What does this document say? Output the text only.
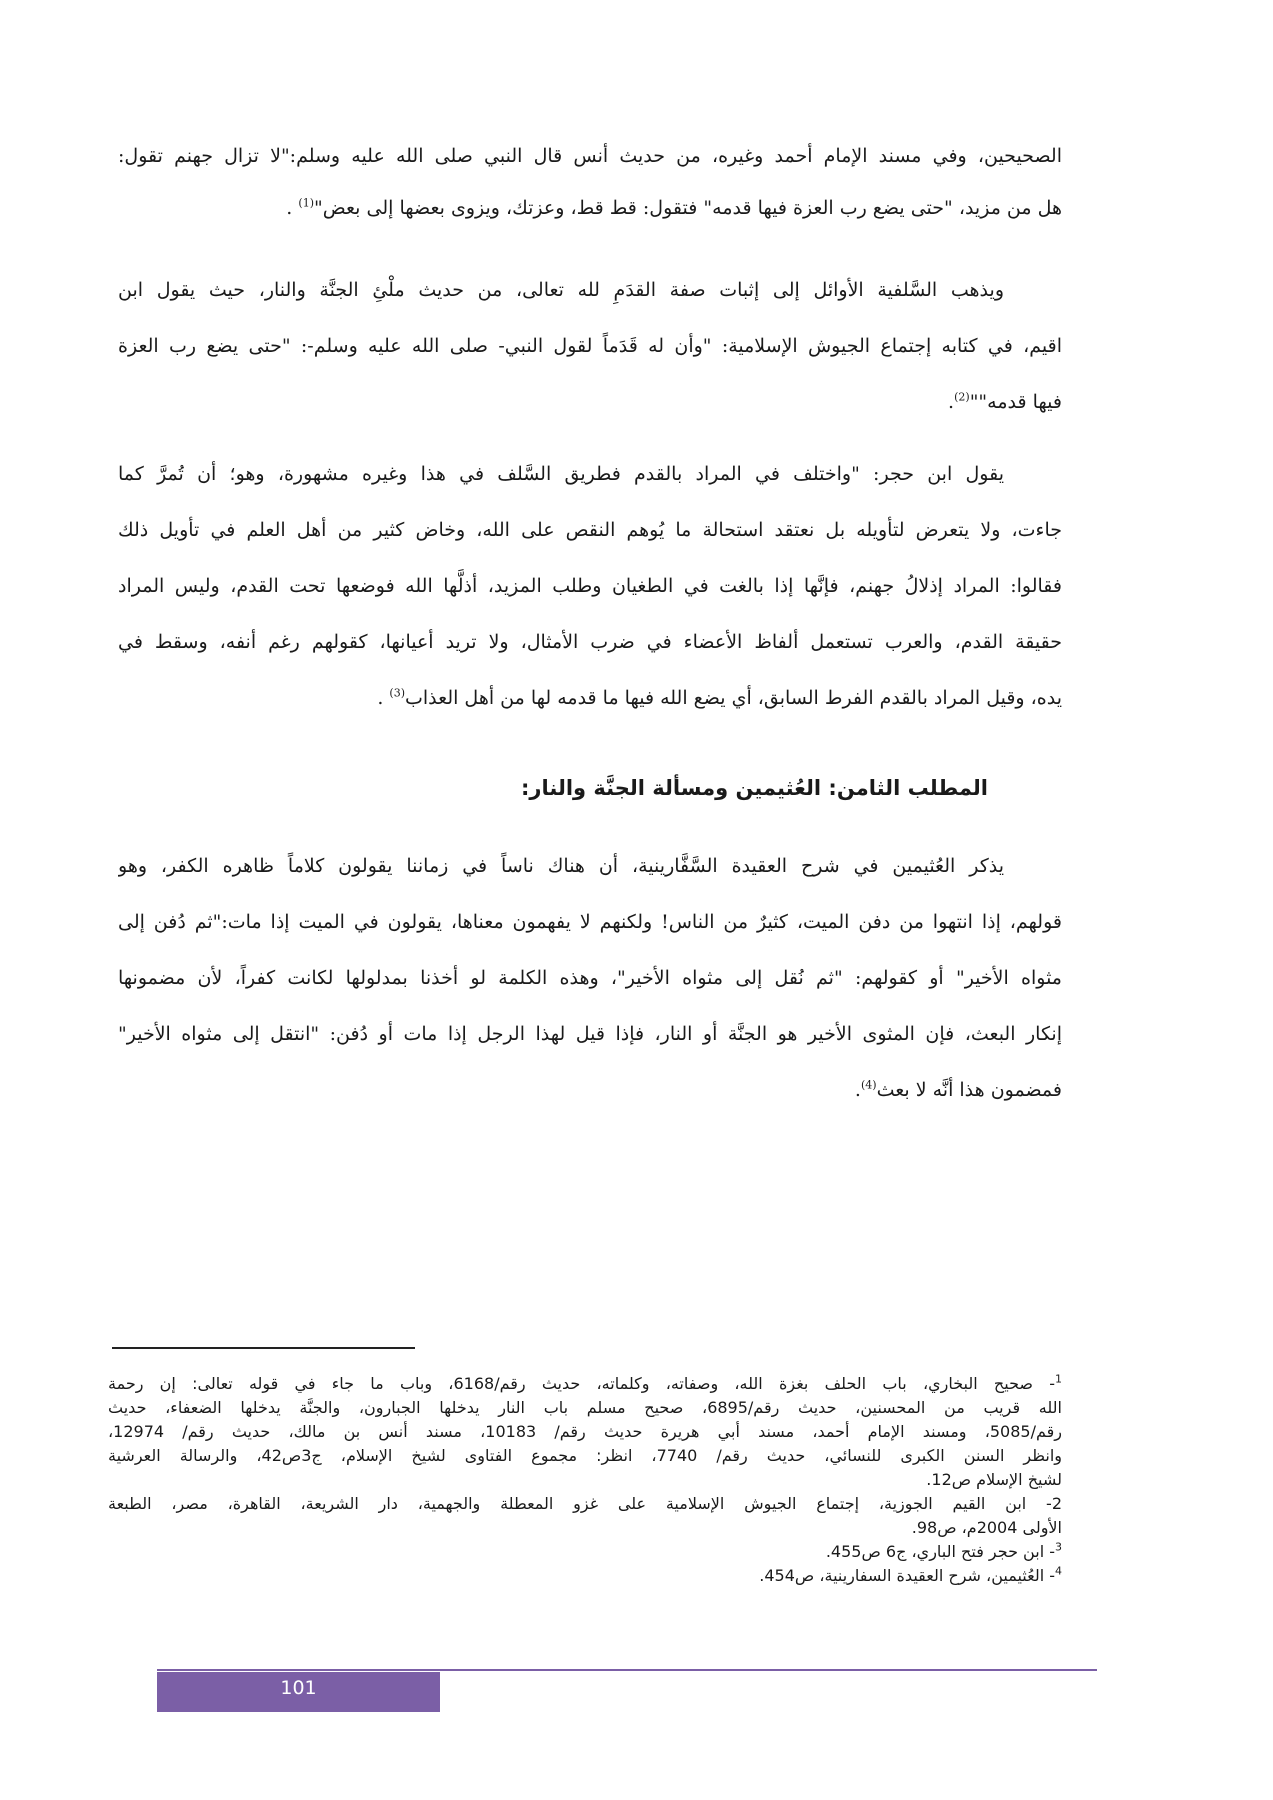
الصحيحين، وفي مسند الإمام أحمد وغيره، من حديث أنس قال النبي صلى الله عليه وسلم:"لا تزال جهنم تقول:
هل من مزيد، "حتى يضع رب العزة فيها قدمه" فتقول: قط قط، وعزتك، ويزوى بعضها إلى بعض"$^{(1)}$ .
ويذهب السَّلفية الأوائل إلى إثبات صفة القدَمِ لله تعالى، من حديث ملْئِ الجنَّة والنار، حيث يقول ابن
اقيم، في كتابه إجتماع الجيوش الإسلامية: "وأن له قَدَماً لقول النبي- صلى الله عليه وسلم-: "حتى يضع رب العزة
فيها قدمه""$^{(2)}$.
يقول ابن حجر: "واختلف في المراد بالقدم فطريق السَّلف في هذا وغيره مشهورة، وهو؛ أن تُمرَّ كما
جاءت، ولا يتعرض لتأويله بل نعتقد استحالة ما يُوهم النقص على الله، وخاض كثير من أهل العلم في تأويل ذلك
فقالوا: المراد إذلالُ جهنم، فإنَّها إذا بالغت في الطغيان وطلب المزيد، أذلَّها الله فوضعها تحت القدم، وليس المراد
حقيقة القدم، والعرب تستعمل ألفاظ الأعضاء في ضرب الأمثال، ولا تريد أعيانها، كقولهم رغم أنفه، وسقط في
يده، وقيل المراد بالقدم الفرط السابق، أي يضع الله فيها ما قدمه لها من أهل العذاب$^{(3)}$ .
المطلب الثامن: العُثيمين ومسألة الجنَّة والنار:
يذكر العُثيمين في شرح العقيدة السَّفَّارينية، أن هناك ناساً في زماننا يقولون كلاماً ظاهره الكفر، وهو
قولهم، إذا انتهوا من دفن الميت، كثيرٌ من الناس! ولكنهم لا يفهمون معناها، يقولون في الميت إذا مات:"ثم دُفن إلى
مثواه الأخير" أو كقولهم: "ثم نُقل إلى مثواه الأخير"، وهذه الكلمة لو أخذنا بمدلولها لكانت كفراً، لأن مضمونها
إنكار البعث، فإن المثوى الأخير هو الجنَّة أو النار، فإذا قيل لهذا الرجل إذا مات أو دُفن: "انتقل إلى مثواه الأخير"
فمضمون هذا أنَّه لا بعث$^{(4)}$.
$^1$- صحيح البخاري، باب الحلف بغزة الله، وصفاته، وكلماته، حديث رقم/6168، وباب ما جاء في قوله تعالى: إن رحمة
الله قريب من المحسنين، حديث رقم/6895، صحيح مسلم باب النار يدخلها الجبارون، والجنَّة يدخلها الضعفاء، حديث
رقم/5085، ومسند الإمام أحمد، مسند أبي هريرة حديث رقم/ 10183، مسند أنس بن مالك، حديث رقم/ 12974،
وانظر السنن الكبرى للنسائي، حديث رقم/ 7740، انظر: مجموع الفتاوى لشيخ الإسلام، ج3ص42، والرسالة العرشية
لشيخ الإسلام ص12.
2- ابن القيم الجوزية، إجتماع الجيوش الإسلامية على غزو المعطلة والجهمية، دار الشريعة، القاهرة، مصر، الطبعة
الأولى 2004م، ص98.
$^3$- ابن حجر فتح الباري، ج6 ص455.
$^4$- العُثيمين، شرح العقيدة السفارينية، ص454.
101
